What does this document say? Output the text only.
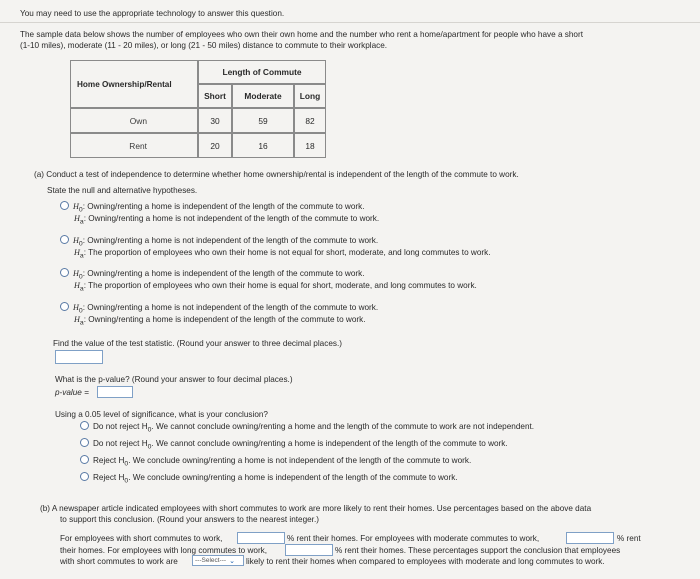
You may need to use the appropriate technology to answer this question.
The sample data below shows the number of employees who own their own home and the number who rent a home/apartment for people who have a short
(1-10 miles), moderate (11 - 20 miles), or long (21 - 50 miles) distance to commute to their workplace.
Home Ownership/Rental
Length of Commute
Short	Moderate	Long
Own	30	59	82
Rent	20	16	18
(a) Conduct a test of independence to determine whether home ownership/rental is independent of the length of the commute to work.
State the null and alternative hypotheses.
$H_0$: Owning/renting a home is independent of the length of the commute to work.
$H_a$: Owning/renting a home is not independent of the length of the commute to work.
$H_0$: Owning/renting a home is not independent of the length of the commute to work.
$H_a$: The proportion of employees who own their home is not equal for short, moderate, and long commutes to work.
$H_0$: Owning/renting a home is independent of the length of the commute to work.
$H_a$: The proportion of employees who own their home is equal for short, moderate, and long commutes to work.
$H_0$: Owning/renting a home is not independent of the length of the commute to work.
$H_a$: Owning/renting a home is independent of the length of the commute to work.
Find the value of the test statistic. (Round your answer to three decimal places.)
What is the p-value? (Round your answer to four decimal places.)
p-value =
Using a 0.05 level of significance, what is your conclusion?
Do not reject $H_0$. We cannot conclude owning/renting a home and the length of the commute to work are not independent.
Do not reject $H_0$. We cannot conclude owning/renting a home is independent of the length of the commute to work.
Reject $H_0$. We conclude owning/renting a home is not independent of the length of the commute to work.
Reject $H_0$. We conclude owning/renting a home is independent of the length of the commute to work.
(b) A newspaper article indicated employees with short commutes to work are more likely to rent their homes. Use percentages based on the above data
to support this conclusion. (Round your answers to the nearest integer.)
For employees with short commutes to work,	% rent their homes. For employees with moderate commutes to work,	% rent
their homes. For employees with long commutes to work,	% rent their homes. These percentages support the conclusion that employees
with short commutes to work are	---Select--- ⌄ likely to rent their homes when compared to employees with moderate and long commutes to work.
